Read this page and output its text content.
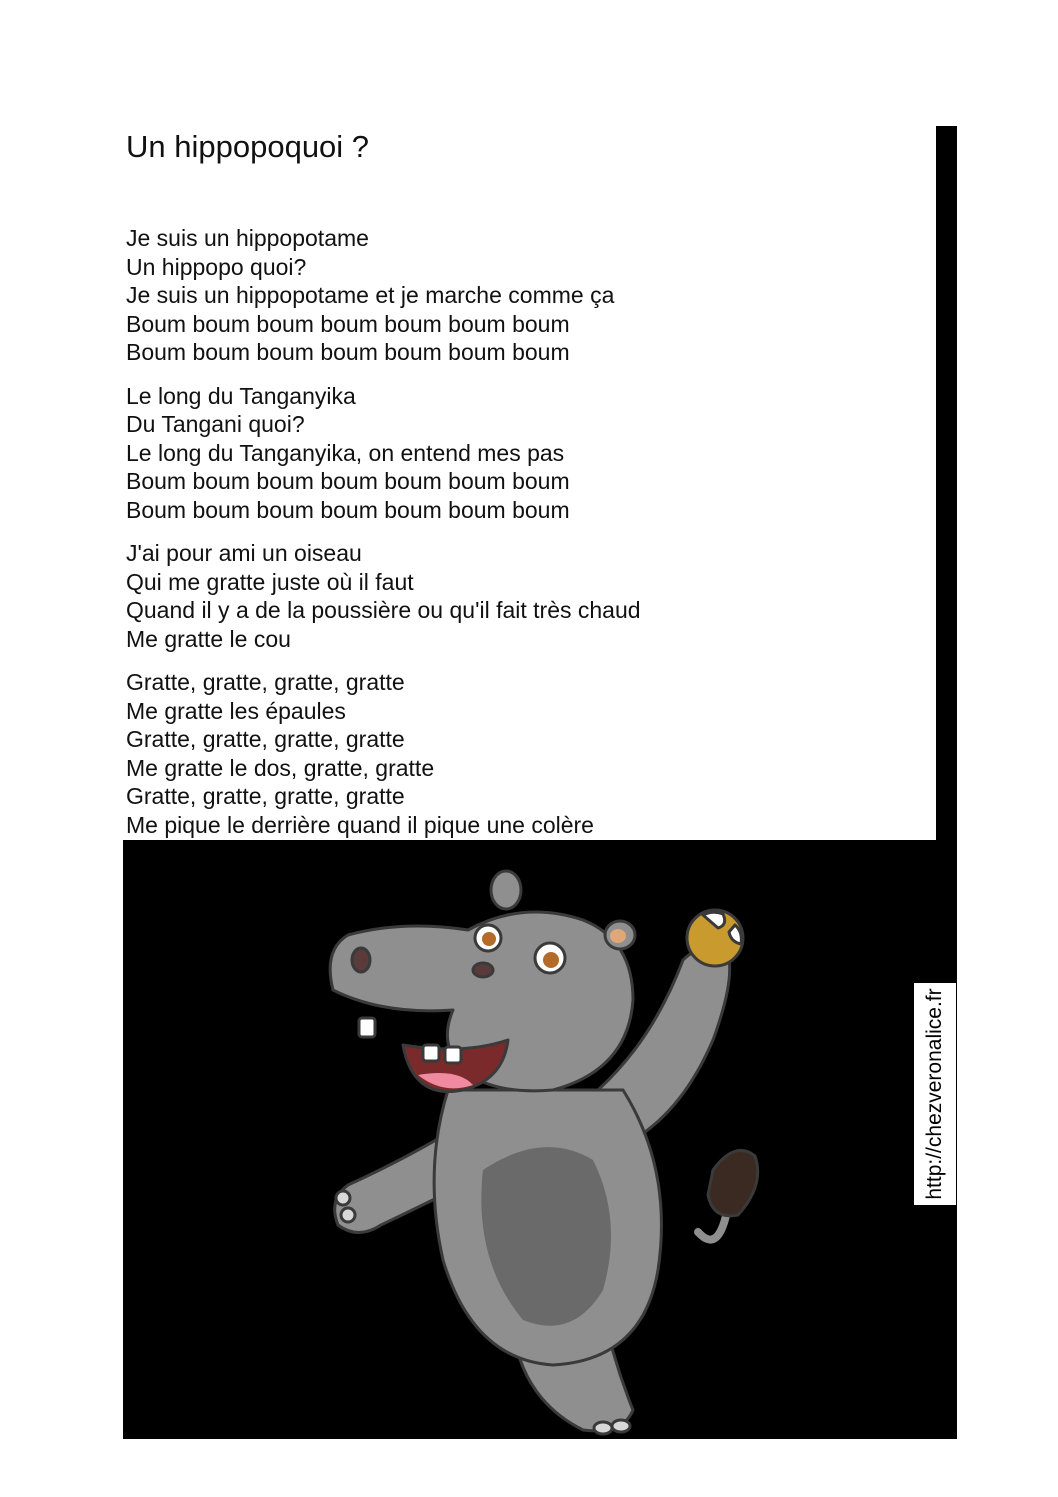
Un hippopoquoi ?
Je suis un hippopotame
Un hippopo quoi?
Je suis un hippopotame et je marche comme ça
Boum boum boum boum boum boum boum
Boum boum boum boum boum boum boum
Le long du Tanganyika
Du Tangani quoi?
Le long du Tanganyika, on entend mes pas
Boum boum boum boum boum boum boum
Boum boum boum boum boum boum boum
J'ai pour ami un oiseau
Qui me gratte juste où il faut
Quand il y a de la poussière ou qu'il fait très chaud
Me gratte le cou
Gratte, gratte, gratte, gratte
Me gratte les épaules
Gratte, gratte, gratte, gratte
Me gratte le dos, gratte, gratte
Gratte, gratte, gratte, gratte
Me pique le derrière quand il pique une colère
http://chezveronalice.fr
